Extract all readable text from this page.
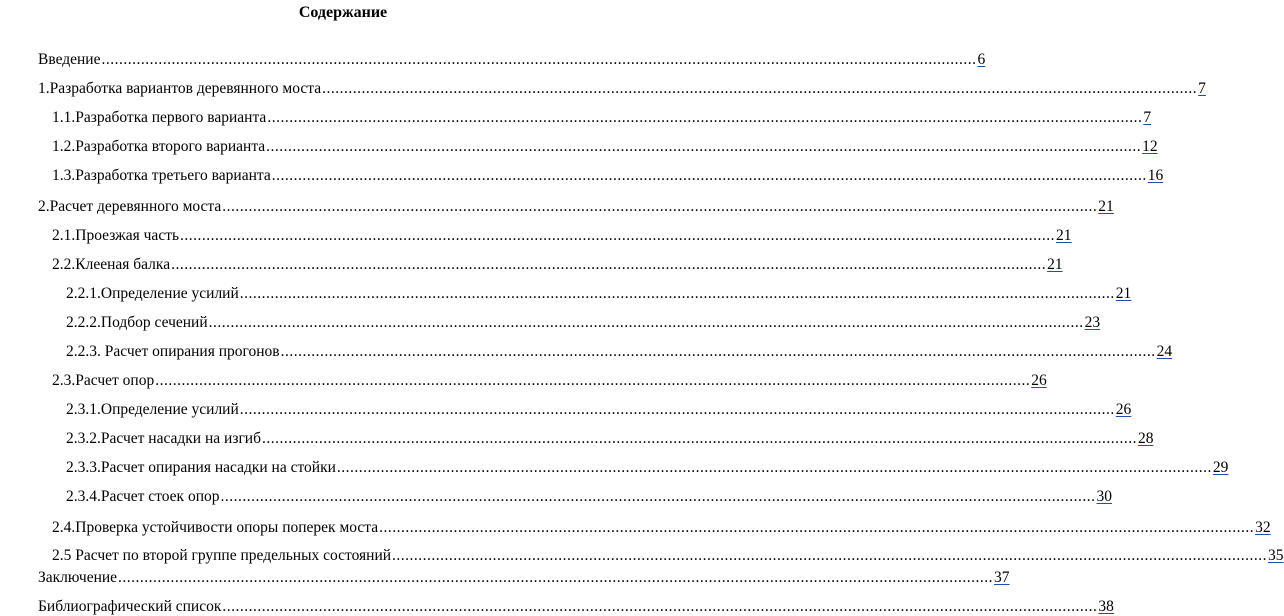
Содержание
Введение ........................................................................................................................................................................................................ 6
1. Разработка вариантов деревянного моста ........................................................................................................................................................................................................ 7
1.1. Разработка первого варианта ........................................................................................................................................................................................................ 7
1.2. Разработка второго варианта ........................................................................................................................................................................................................ 12
1.3. Разработка третьего варианта ........................................................................................................................................................................................................ 16
2. Расчет деревянного моста ........................................................................................................................................................................................................ 21
2.1. Проезжая часть ........................................................................................................................................................................................................ 21
2.2. Клееная балка ........................................................................................................................................................................................................ 21
2.2.1. Определение усилий ........................................................................................................................................................................................................ 21
2.2.2. Подбор сечений ........................................................................................................................................................................................................ 23
2.2.3. Расчет опирания прогонов ........................................................................................................................................................................................................ 24
2.3. Расчет опор ........................................................................................................................................................................................................ 26
2.3.1. Определение усилий ........................................................................................................................................................................................................ 26
2.3.2. Расчет насадки на изгиб ........................................................................................................................................................................................................ 28
2.3.3. Расчет опирания насадки на стойки ........................................................................................................................................................................................................ 29
2.3.4. Расчет стоек опор ........................................................................................................................................................................................................ 30
2.4. Проверка устойчивости опоры поперек моста ........................................................................................................................................................................................................ 32
2.5 Расчет по второй группе предельных состояний ........................................................................................................................................................................................................ 35
Заключение ........................................................................................................................................................................................................ 37
Библиографический список ........................................................................................................................................................................................................ 38
